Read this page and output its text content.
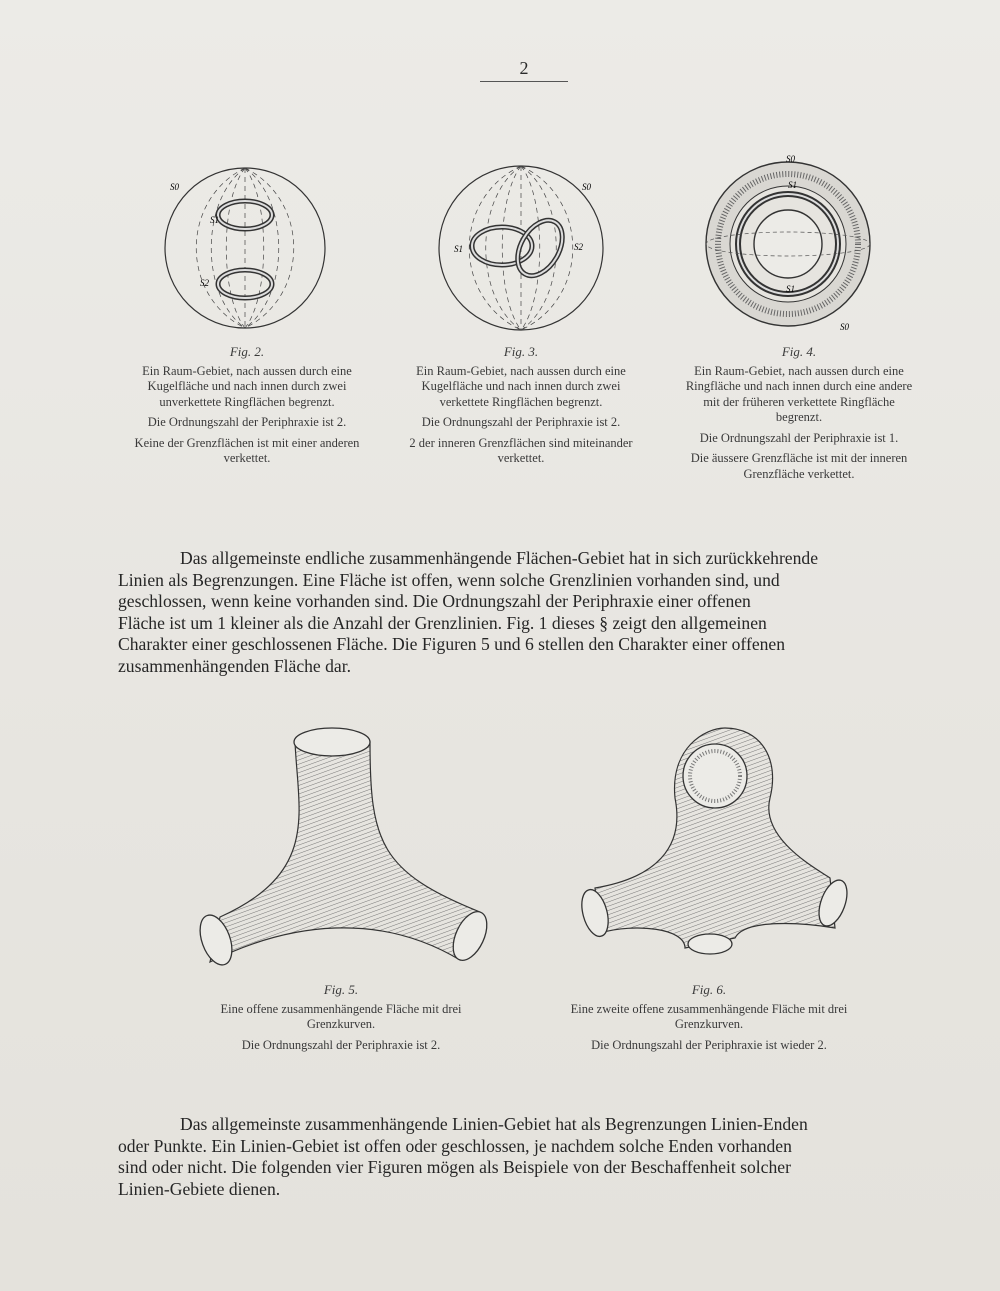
2
S0
S1
S2
Fig. 2.

Ein Raum-Gebiet, nach aussen durch eine Kugelfläche und nach innen durch zwei unverkettete Ringflächen begrenzt.

Die Ordnungszahl der Periphraxie ist 2.

Keine der Grenzflächen ist mit einer anderen verkettet.

S0
S1	S2
Fig. 3.

Ein Raum-Gebiet, nach aussen durch eine Kugelfläche und nach innen durch zwei verkettete Ringflächen begrenzt.

Die Ordnungszahl der Periphraxie ist 2.

2 der inneren Grenzflächen sind miteinander verkettet.

S0
S1
S0
S1
Fig. 4.

Ein Raum-Gebiet, nach aussen durch eine Ringfläche und nach innen durch eine andere mit der früheren verkettete Ringfläche begrenzt.

Die Ordnungszahl der Periphraxie ist 1.

Die äussere Grenzfläche ist mit der inneren Grenzfläche verkettet.

Das allgemeinste endliche zusammenhängende Flächen-Gebiet hat in sich zurückkehrende
Linien als Begrenzungen. Eine Fläche ist offen, wenn solche Grenzlinien vorhanden sind, und
geschlossen, wenn keine vorhanden sind. Die Ordnungszahl der Periphraxie einer offenen
Fläche ist um 1 kleiner als die Anzahl der Grenzlinien. Fig. 1 dieses § zeigt den allgemeinen
Charakter einer geschlossenen Fläche. Die Figuren 5 und 6 stellen den Charakter einer offenen
zusammenhängenden Fläche dar.
Fig. 5.

Eine offene zusammenhängende Fläche mit drei Grenzkurven.

Die Ordnungszahl der Periphraxie ist 2.

Fig. 6.

Eine zweite offene zusammenhängende Fläche mit drei Grenzkurven.

Die Ordnungszahl der Periphraxie ist wieder 2.

Das allgemeinste zusammenhängende Linien-Gebiet hat als Begrenzungen Linien-Enden
oder Punkte. Ein Linien-Gebiet ist offen oder geschlossen, je nachdem solche Enden vorhanden
sind oder nicht. Die folgenden vier Figuren mögen als Beispiele von der Beschaffenheit solcher
Linien-Gebiete dienen.
